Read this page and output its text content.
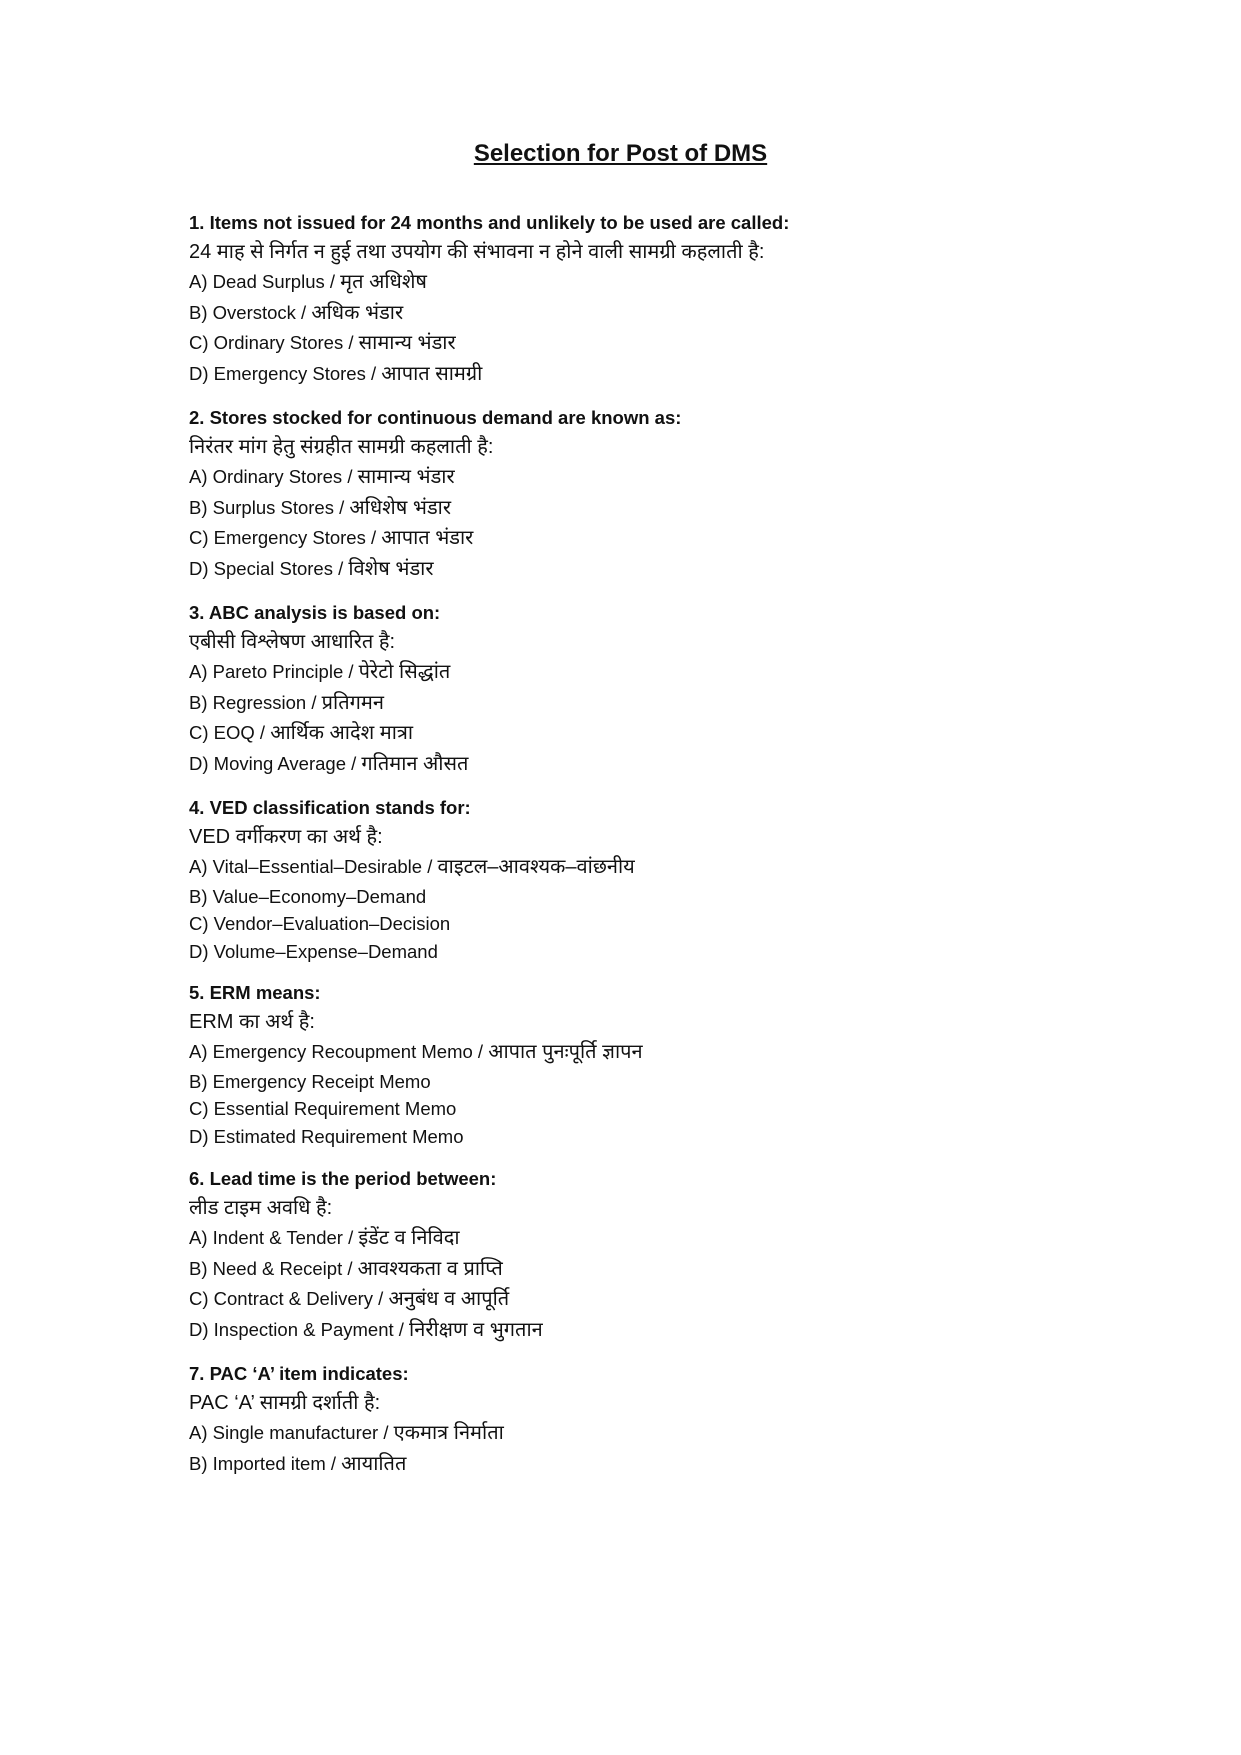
Selection for Post of DMS
1. Items not issued for 24 months and unlikely to be used are called:
24 माह से निर्गत न हुई तथा उपयोग की संभावना न होने वाली सामग्री कहलाती है:
A) Dead Surplus / मृत अधिशेष
B) Overstock / अधिक भंडार
C) Ordinary Stores / सामान्य भंडार
D) Emergency Stores / आपात सामग्री
2. Stores stocked for continuous demand are known as:
निरंतर मांग हेतु संग्रहीत सामग्री कहलाती है:
A) Ordinary Stores / सामान्य भंडार
B) Surplus Stores / अधिशेष भंडार
C) Emergency Stores / आपात भंडार
D) Special Stores / विशेष भंडार
3. ABC analysis is based on:
एबीसी विश्लेषण आधारित है:
A) Pareto Principle / पेरेटो सिद्धांत
B) Regression / प्रतिगमन
C) EOQ / आर्थिक आदेश मात्रा
D) Moving Average / गतिमान औसत
4. VED classification stands for:
VED वर्गीकरण का अर्थ है:
A) Vital–Essential–Desirable / वाइटल–आवश्यक–वांछनीय
B) Value–Economy–Demand
C) Vendor–Evaluation–Decision
D) Volume–Expense–Demand
5. ERM means:
ERM का अर्थ है:
A) Emergency Recoupment Memo / आपात पुनःपूर्ति ज्ञापन
B) Emergency Receipt Memo
C) Essential Requirement Memo
D) Estimated Requirement Memo
6. Lead time is the period between:
लीड टाइम अवधि है:
A) Indent & Tender / इंडेंट व निविदा
B) Need & Receipt / आवश्यकता व प्राप्ति
C) Contract & Delivery / अनुबंध व आपूर्ति
D) Inspection & Payment / निरीक्षण व भुगतान
7. PAC ‘A’ item indicates:
PAC ‘A’ सामग्री दर्शाती है:
A) Single manufacturer / एकमात्र निर्माता
B) Imported item / आयातित
